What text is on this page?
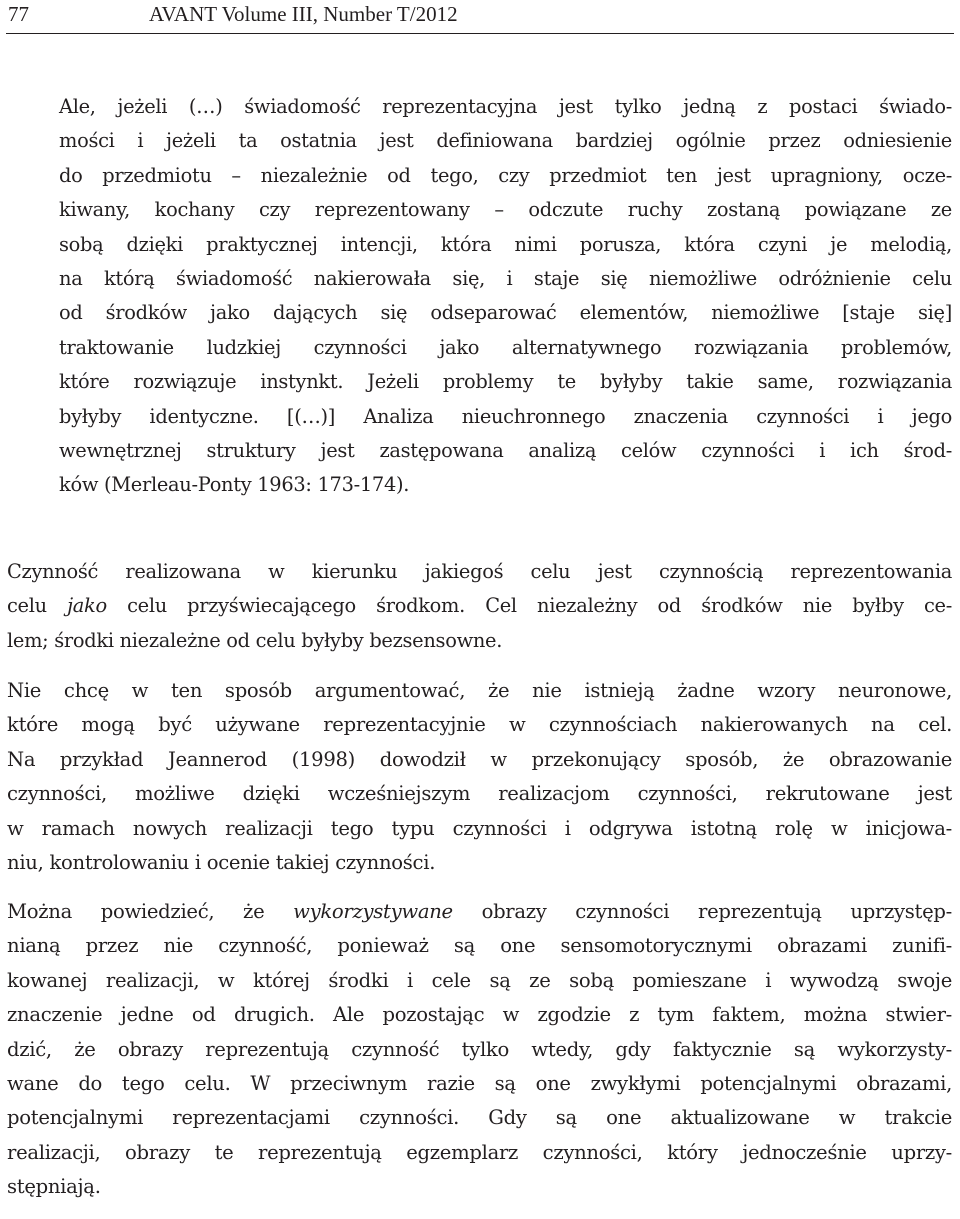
77	AVANT Volume III, Number T/2012
Ale, jeżeli (…) świadomość reprezentacyjna jest tylko jedną z postaci świado-
mości i jeżeli ta ostatnia jest definiowana bardziej ogólnie przez odniesienie
do przedmiotu – niezależnie od tego, czy przedmiot ten jest upragniony, ocze-
kiwany, kochany czy reprezentowany – odczute ruchy zostaną powiązane ze
sobą dzięki praktycznej intencji, która nimi porusza, która czyni je melodią,
na którą świadomość nakierowała się, i staje się niemożliwe odróżnienie celu
od środków jako dających się odseparować elementów, niemożliwe [staje się]
traktowanie ludzkiej czynności jako alternatywnego rozwiązania problemów,
które rozwiązuje instynkt. Jeżeli problemy te byłyby takie same, rozwiązania
byłyby identyczne. [(…)] Analiza nieuchronnego znaczenia czynności i jego
wewnętrznej struktury jest zastępowana analizą celów czynności i ich środ-
ków (Merleau-Ponty 1963: 173-174).
Czynność realizowana w kierunku jakiegoś celu jest czynnością reprezentowania
celu jako celu przyświecającego środkom. Cel niezależny od środków nie byłby ce-
lem; środki niezależne od celu byłyby bezsensowne.
Nie chcę w ten sposób argumentować, że nie istnieją żadne wzory neuronowe,
które mogą być używane reprezentacyjnie w czynnościach nakierowanych na cel.
Na przykład Jeannerod (1998) dowodził w przekonujący sposób, że obrazowanie
czynności, możliwe dzięki wcześniejszym realizacjom czynności, rekrutowane jest
w ramach nowych realizacji tego typu czynności i odgrywa istotną rolę w inicjowa-
niu, kontrolowaniu i ocenie takiej czynności.
Można powiedzieć, że wykorzystywane obrazy czynności reprezentują uprzystęp-
nianą przez nie czynność, ponieważ są one sensomotorycznymi obrazami zunifi-
kowanej realizacji, w której środki i cele są ze sobą pomieszane i wywodzą swoje
znaczenie jedne od drugich. Ale pozostając w zgodzie z tym faktem, można stwier-
dzić, że obrazy reprezentują czynność tylko wtedy, gdy faktycznie są wykorzysty-
wane do tego celu. W przeciwnym razie są one zwykłymi potencjalnymi obrazami,
potencjalnymi reprezentacjami czynności. Gdy są one aktualizowane w trakcie
realizacji, obrazy te reprezentują egzemplarz czynności, który jednocześnie uprzy-
stępniają.
